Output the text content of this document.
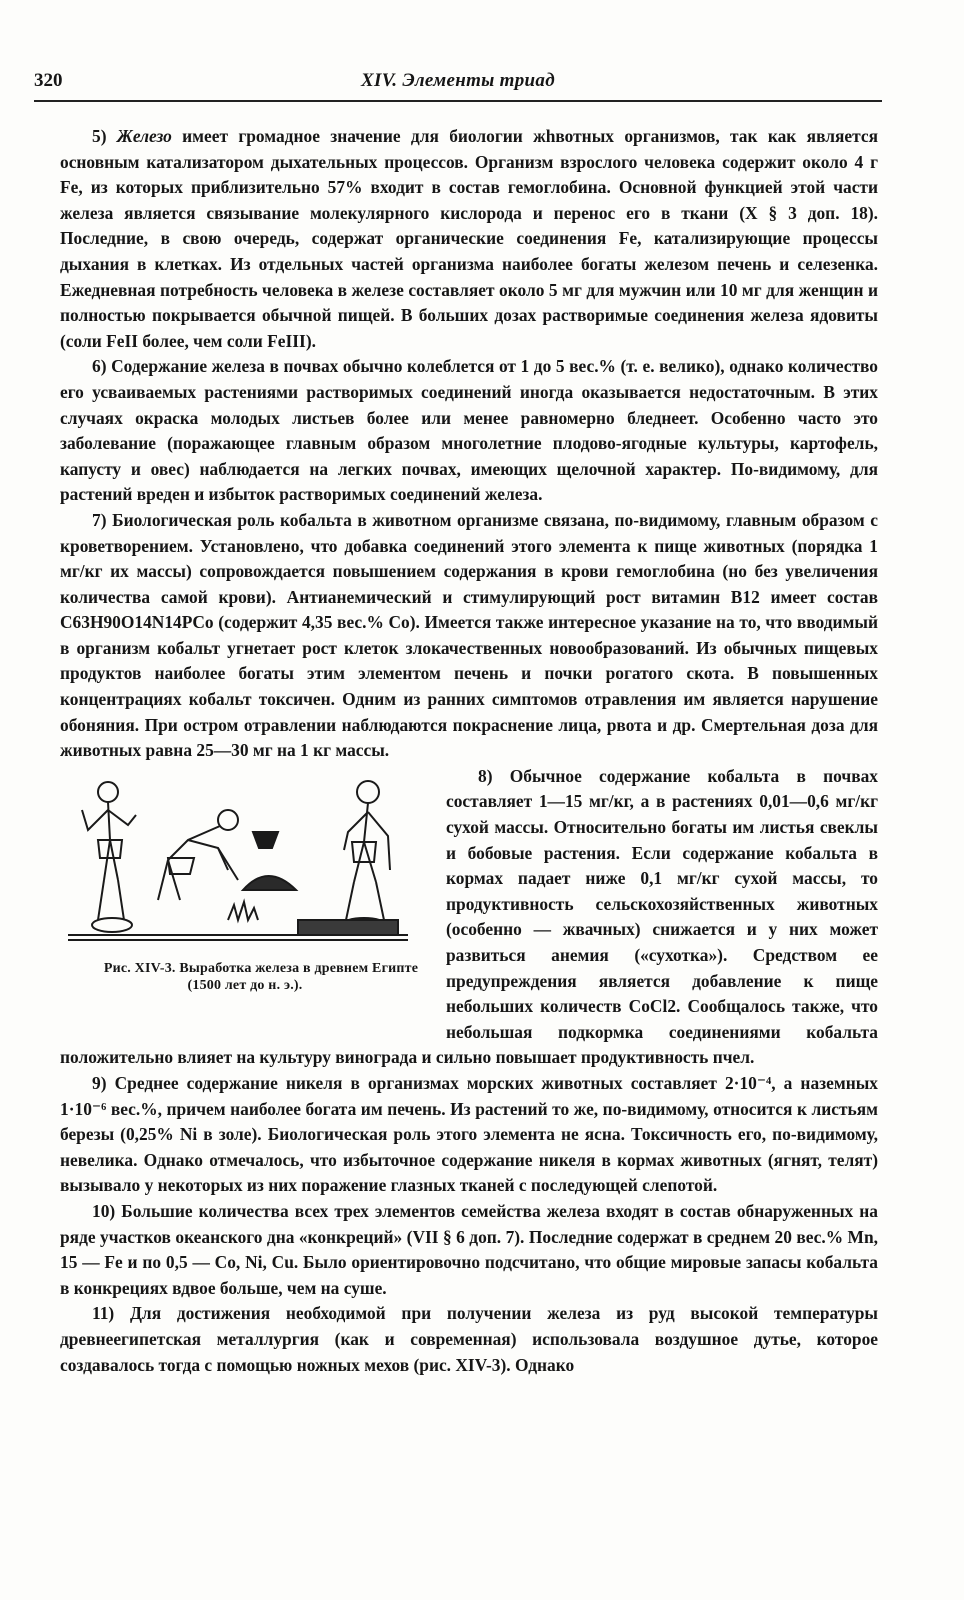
320	XIV. Элементы триад

5) Железо имеет громадное значение для биологии жhвотных организмов, так как является основным катализатором дыхательных процессов. Организм взрослого человека содержит около 4 г Fe, из которых приблизительно 57% входит в состав гемоглобина. Основной функцией этой части железа является связывание молекулярного кислорода и перенос его в ткани (X § 3 доп. 18). Последние, в свою очередь, содержат органические соединения Fe, катализирующие процессы дыхания в клетках. Из отдельных частей организма наиболее богаты железом печень и селезенка. Ежедневная потребность человека в железе составляет около 5 мг для мужчин или 10 мг для женщин и полностью покрывается обычной пищей. В больших дозах растворимые соединения железа ядовиты (соли FeII более, чем соли FeIII).

6) Содержание железа в почвах обычно колеблется от 1 до 5 вес.% (т. е. велико), однако количество его усваиваемых растениями растворимых соединений иногда оказывается недостаточным. В этих случаях окраска молодых листьев более или менее равномерно бледнеет. Особенно часто это заболевание (поражающее главным образом многолетние плодово-ягодные культуры, картофель, капусту и овес) наблюдается на легких почвах, имеющих щелочной характер. По-видимому, для растений вреден и избыток растворимых соединений железа.

7) Биологическая роль кобальта в животном организме связана, по-видимому, главным образом с кроветворением. Установлено, что добавка соединений этого элемента к пище животных (порядка 1 мг/кг их массы) сопровождается повышением содержания в крови гемоглобина (но без увеличения количества самой крови). Антианемический и стимулирующий рост витамин B12 имеет состав C63H90O14N14PCo (содержит 4,35 вес.% Co). Имеется также интересное указание на то, что вводимый в организм кобальт угнетает рост клеток злокачественных новообразований. Из обычных пищевых продуктов наиболее богаты этим элементом печень и почки рогатого скота. В повышенных концентрациях кобальт токсичен. Одним из ранних симптомов отравления им является нарушение обоняния. При остром отравлении наблюдаются покраснение лица, рвота и др. Смертельная доза для животных равна 25—30 мг на 1 кг массы.

Рис. XIV-3. Выработка железа в древнем Египте (1500 лет до н. э.).
8) Обычное содержание кобальта в почвах составляет 1—15 мг/кг, а в растениях 0,01—0,6 мг/кг сухой массы. Относительно богаты им листья свеклы и бобовые растения. Если содержание кобальта в кормах падает ниже 0,1 мг/кг сухой массы, то продуктивность сельскохозяйственных животных (особенно — жвачных) снижается и у них может развиться анемия («сухотка»). Средством ее предупреждения является добавление к пище небольших количеств CoCl2. Сообщалось также, что небольшая подкормка соединениями кобальта положительно влияет на культуру винограда и сильно повышает продуктивность пчел.

9) Среднее содержание никеля в организмах морских животных составляет 2·10⁻⁴, а наземных 1·10⁻⁶ вес.%, причем наиболее богата им печень. Из растений то же, по-видимому, относится к листьям березы (0,25% Ni в золе). Биологическая роль этого элемента не ясна. Токсичность его, по-видимому, невелика. Однако отмечалось, что избыточное содержание никеля в кормах животных (ягнят, телят) вызывало у некоторых из них поражение глазных тканей с последующей слепотой.

10) Большие количества всех трех элементов семейства железа входят в состав обнаруженных на ряде участков океанского дна «конкреций» (VII § 6 доп. 7). Последние содержат в среднем 20 вес.% Mn, 15 — Fe и по 0,5 — Co, Ni, Cu. Было ориентировочно подсчитано, что общие мировые запасы кобальта в конкрециях вдвое больше, чем на суше.

11) Для достижения необходимой при получении железа из руд высокой температуры древнеегипетская металлургия (как и современная) использовала воздушное дутье, которое создавалось тогда с помощью ножных мехов (рис. XIV-3). Однако
